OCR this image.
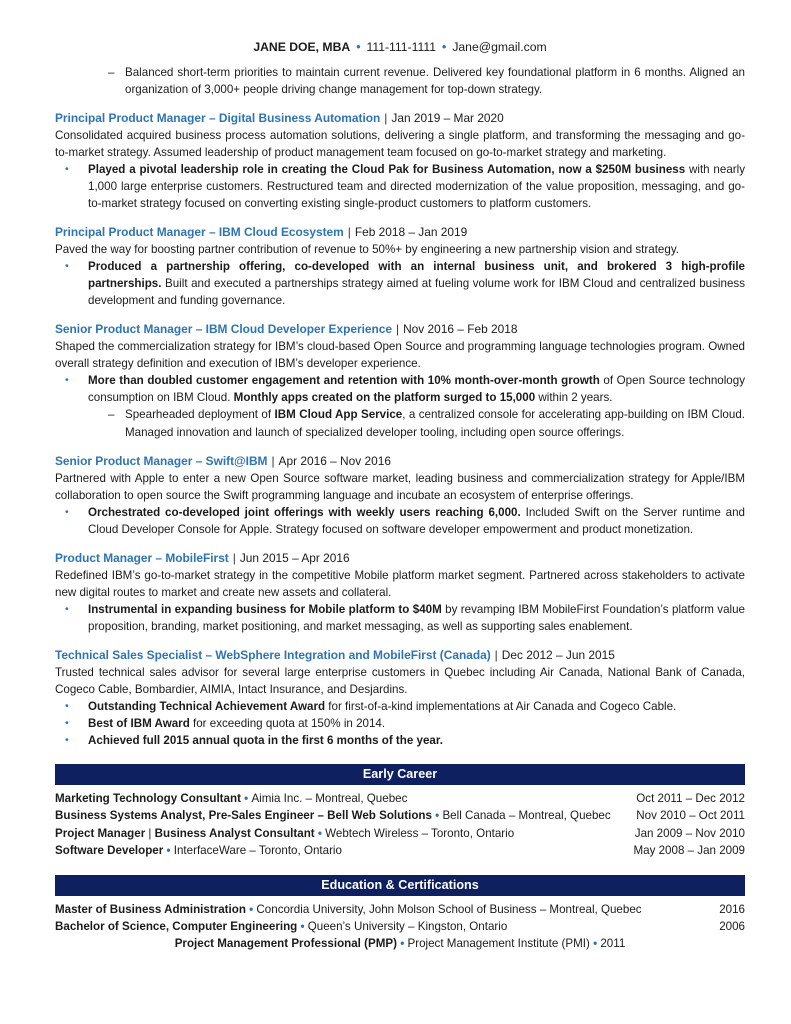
JANE DOE, MBA • 111-111-1111 • Jane@gmail.com
– Balanced short-term priorities to maintain current revenue. Delivered key foundational platform in 6 months. Aligned an organization of 3,000+ people driving change management for top-down strategy.
Principal Product Manager – Digital Business Automation | Jan 2019 – Mar 2020

Consolidated acquired business process automation solutions, delivering a single platform, and transforming the messaging and go-to-market strategy. Assumed leadership of product management team focused on go-to-market strategy and marketing.

•	Played a pivotal leadership role in creating the Cloud Pak for Business Automation, now a $250M business with nearly 1,000 large enterprise customers. Restructured team and directed modernization of the value proposition, messaging, and go-to-market strategy focused on converting existing single-product customers to platform customers.
Principal Product Manager – IBM Cloud Ecosystem | Feb 2018 – Jan 2019

Paved the way for boosting partner contribution of revenue to 50%+ by engineering a new partnership vision and strategy.

•	Produced a partnership offering, co-developed with an internal business unit, and brokered 3 high-profile partnerships. Built and executed a partnerships strategy aimed at fueling volume work for IBM Cloud and centralized business development and funding governance.
Senior Product Manager – IBM Cloud Developer Experience | Nov 2016 – Feb 2018

Shaped the commercialization strategy for IBM’s cloud-based Open Source and programming language technologies program. Owned overall strategy definition and execution of IBM’s developer experience.

•	More than doubled customer engagement and retention with 10% month-over-month growth of Open Source technology consumption on IBM Cloud. Monthly apps created on the platform surged to 15,000 within 2 years.
– Spearheaded deployment of IBM Cloud App Service, a centralized console for accelerating app-building on IBM Cloud. Managed innovation and launch of specialized developer tooling, including open source offerings.
Senior Product Manager – Swift@IBM | Apr 2016 – Nov 2016

Partnered with Apple to enter a new Open Source software market, leading business and commercialization strategy for Apple/IBM collaboration to open source the Swift programming language and incubate an ecosystem of enterprise offerings.

•	Orchestrated co-developed joint offerings with weekly users reaching 6,000. Included Swift on the Server runtime and Cloud Developer Console for Apple. Strategy focused on software developer empowerment and product monetization.
Product Manager – MobileFirst | Jun 2015 – Apr 2016

Redefined IBM’s go-to-market strategy in the competitive Mobile platform market segment. Partnered across stakeholders to activate new digital routes to market and create new assets and collateral.

•	Instrumental in expanding business for Mobile platform to $40M by revamping IBM MobileFirst Foundation’s platform value proposition, branding, market positioning, and market messaging, as well as supporting sales enablement.
Technical Sales Specialist – WebSphere Integration and MobileFirst (Canada) | Dec 2012 – Jun 2015

Trusted technical sales advisor for several large enterprise customers in Quebec including Air Canada, National Bank of Canada, Cogeco Cable, Bombardier, AIMIA, Intact Insurance, and Desjardins.

•	Outstanding Technical Achievement Award for first-of-a-kind implementations at Air Canada and Cogeco Cable.
•	Best of IBM Award for exceeding quota at 150% in 2014.
•	Achieved full 2015 annual quota in the first 6 months of the year.
Early Career
Marketing Technology Consultant • Aimia Inc. – Montreal, Quebec	Oct 2011 – Dec 2012
Business Systems Analyst, Pre-Sales Engineer – Bell Web Solutions • Bell Canada – Montreal, Quebec	Nov 2010 – Oct 2011
Project Manager | Business Analyst Consultant • Webtech Wireless – Toronto, Ontario	Jan 2009 – Nov 2010
Software Developer • InterfaceWare – Toronto, Ontario	May 2008 – Jan 2009
Education & Certifications
Master of Business Administration • Concordia University, John Molson School of Business – Montreal, Quebec	2016
Bachelor of Science, Computer Engineering • Queen’s University – Kingston, Ontario	2006
Project Management Professional (PMP) • Project Management Institute (PMI) • 2011
